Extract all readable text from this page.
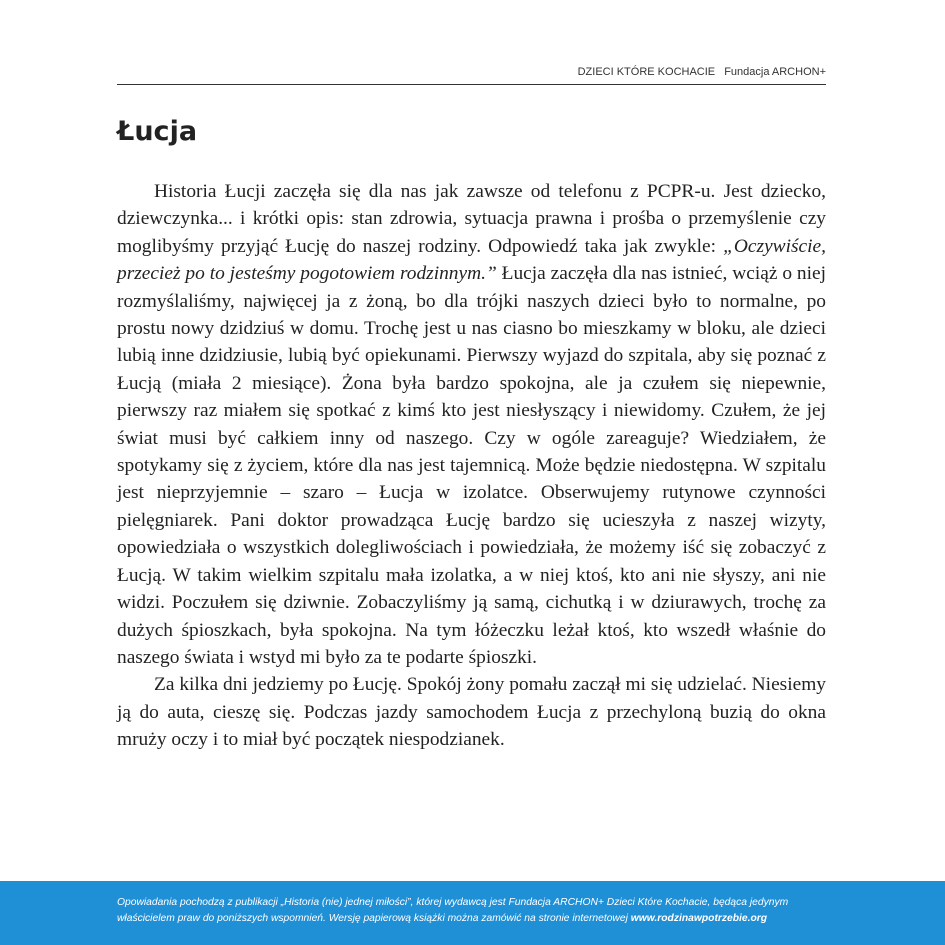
DZIECI KTÓRE KOCHACIE Fundacja ARCHON+
Łucja

Historia Łucji zaczęła się dla nas jak zawsze od telefonu z PCPR-u. Jest dziecko, dziewczynka... i krótki opis: stan zdrowia, sytuacja prawna i prośba o przemyślenie czy moglibyśmy przyjąć Łucję do naszej rodziny. Odpowiedź taka jak zwykle: „Oczywiście, przecież po to jesteśmy pogotowiem rodzinnym.” Łucja zaczęła dla nas istnieć, wciąż o niej rozmyślaliśmy, najwięcej ja z żoną, bo dla trójki naszych dzieci było to normalne, po prostu nowy dzidziuś w domu. Trochę jest u nas ciasno bo mieszkamy w bloku, ale dzieci lubią inne dzidziusie, lubią być opiekunami. Pierwszy wyjazd do szpitala, aby się poznać z Łucją (miała 2 miesiące). Żona była bardzo spokojna, ale ja czułem się niepewnie, pierwszy raz miałem się spotkać z kimś kto jest niesłyszący i niewidomy. Czułem, że jej świat musi być całkiem inny od naszego. Czy w ogóle zareaguje? Wiedziałem, że spotykamy się z życiem, które dla nas jest tajemnicą. Może będzie niedostępna. W szpitalu jest nieprzyjemnie – szaro – Łucja w izolatce. Obserwujemy rutynowe czynności pielęgniarek. Pani doktor prowadząca Łucję bardzo się ucieszyła z naszej wizyty, opowiedziała o wszystkich dolegliwościach i powiedziała, że możemy iść się zobaczyć z Łucją. W takim wielkim szpitalu mała izolatka, a w niej ktoś, kto ani nie słyszy, ani nie widzi. Poczułem się dziwnie. Zobaczyliśmy ją samą, cichutką i w dziurawych, trochę za dużych śpioszkach, była spokojna. Na tym łóżeczku leżał ktoś, kto wszedł właśnie do naszego świata i wstyd mi było za te podarte śpioszki.

Za kilka dni jedziemy po Łucję. Spokój żony pomału zaczął mi się udzielać. Niesiemy ją do auta, cieszę się. Podczas jazdy samochodem Łucja z przechyloną buzią do okna mruży oczy i to miał być początek niespodzianek.

Opowiadania pochodzą z publikacji „Historia (nie) jednej miłości”, której wydawcą jest Fundacja ARCHON+ Dzieci Które Kochacie, będąca jedynym
właścicielem praw do poniższych wspomnień. Wersję papierową książki można zamówić na stronie internetowej www.rodzinawpotrzebie.org
